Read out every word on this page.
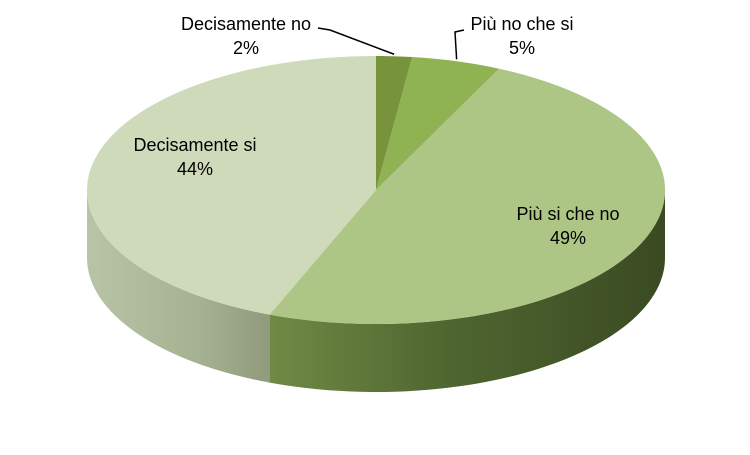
Decisamente no
2%
Più no che si
5%
Più si che no
49%
Decisamente si
44%
